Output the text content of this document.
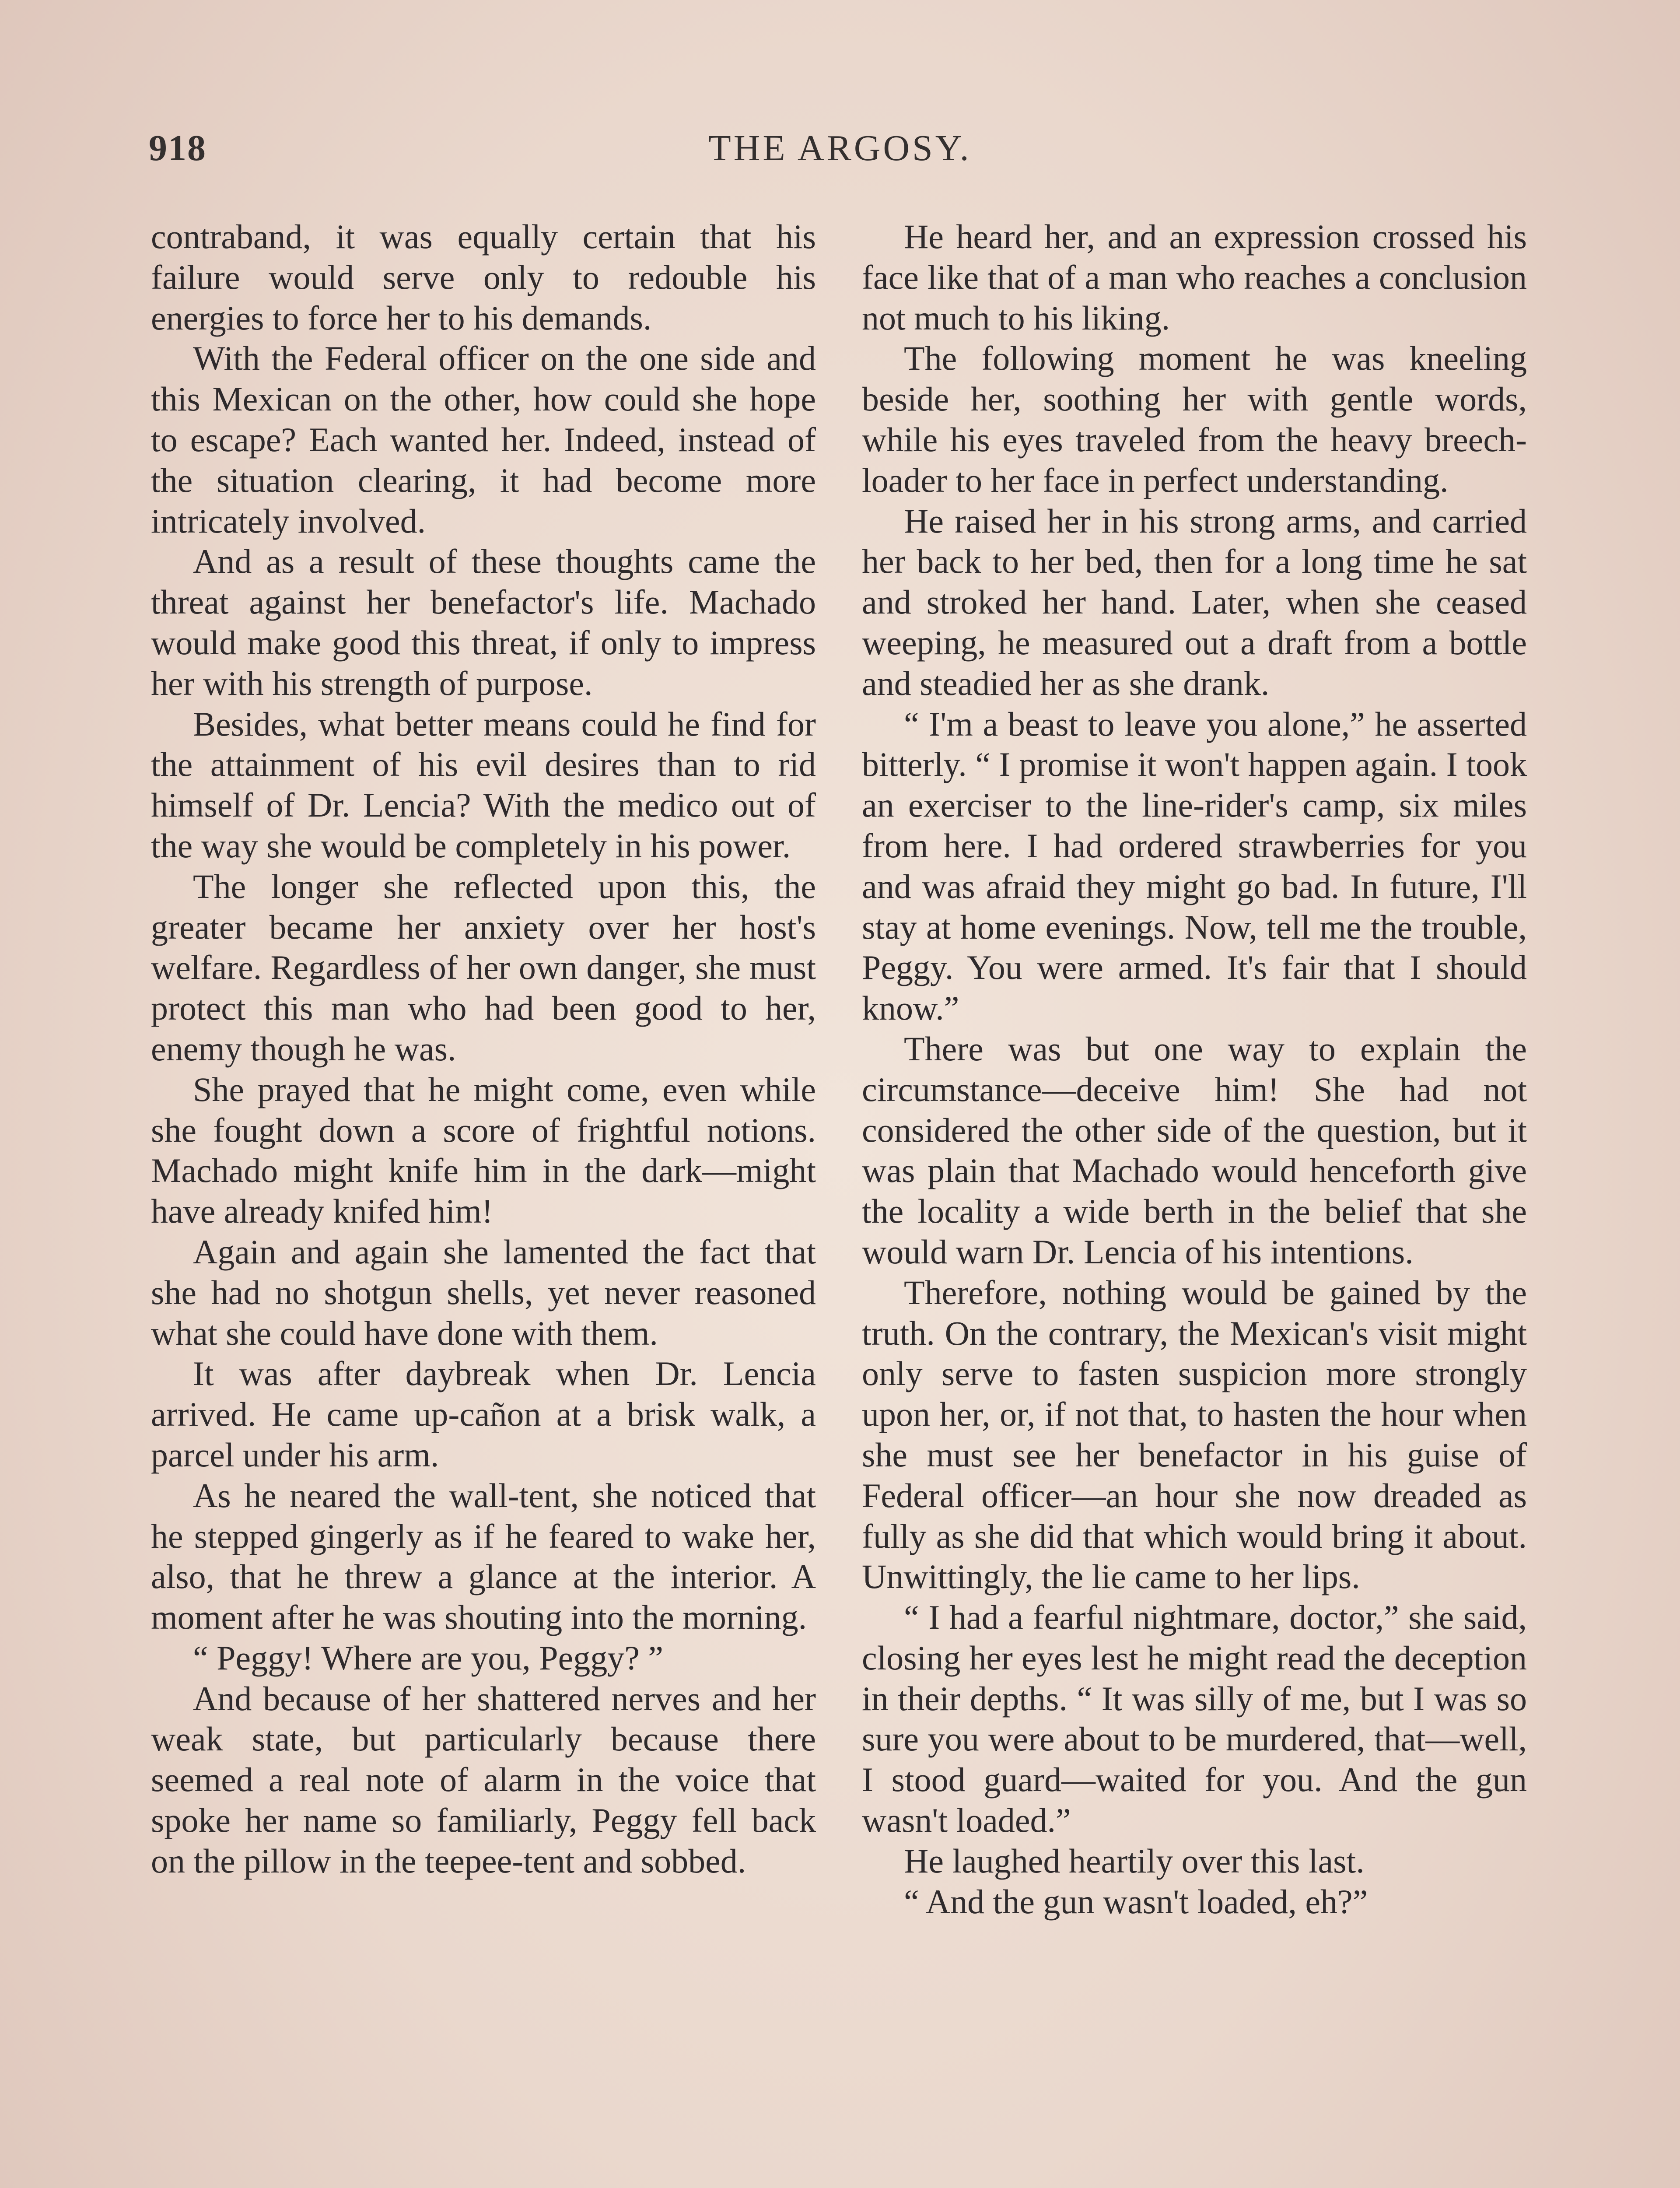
918	THE ARGOSY.

contraband, it was equally certain that his failure would serve only to redouble his energies to force her to his demands.

With the Federal officer on the one side and this Mexican on the other, how could she hope to escape? Each wanted her. Indeed, instead of the situation clearing, it had become more intricately involved.

And as a result of these thoughts came the threat against her benefactor's life. Machado would make good this threat, if only to impress her with his strength of purpose.

Besides, what better means could he find for the attainment of his evil desires than to rid himself of Dr. Lencia? With the medico out of the way she would be completely in his power.

The longer she reflected upon this, the greater became her anxiety over her host's welfare. Regardless of her own danger, she must protect this man who had been good to her, enemy though he was.

She prayed that he might come, even while she fought down a score of frightful notions. Machado might knife him in the dark—might have already knifed him!

Again and again she lamented the fact that she had no shotgun shells, yet never reasoned what she could have done with them.

It was after daybreak when Dr. Lencia arrived. He came up-cañon at a brisk walk, a parcel under his arm.

As he neared the wall-tent, she noticed that he stepped gingerly as if he feared to wake her, also, that he threw a glance at the interior. A moment after he was shouting into the morning.

“ Peggy! Where are you, Peggy? ”

And because of her shattered nerves and her weak state, but particularly because there seemed a real note of alarm in the voice that spoke her name so familiarly, Peggy fell back on the pillow in the teepee-tent and sobbed.

He heard her, and an expression crossed his face like that of a man who reaches a conclusion not much to his liking.

The following moment he was kneeling beside her, soothing her with gentle words, while his eyes traveled from the heavy breech-loader to her face in perfect understanding.

He raised her in his strong arms, and carried her back to her bed, then for a long time he sat and stroked her hand. Later, when she ceased weeping, he measured out a draft from a bottle and steadied her as she drank.

“ I'm a beast to leave you alone,” he asserted bitterly. “ I promise it won't happen again. I took an exerciser to the line-rider's camp, six miles from here. I had ordered strawberries for you and was afraid they might go bad. In future, I'll stay at home evenings. Now, tell me the trouble, Peggy. You were armed. It's fair that I should know.”

There was but one way to explain the circumstance—deceive him! She had not considered the other side of the question, but it was plain that Machado would henceforth give the locality a wide berth in the belief that she would warn Dr. Lencia of his intentions.

Therefore, nothing would be gained by the truth. On the contrary, the Mexican's visit might only serve to fasten suspicion more strongly upon her, or, if not that, to hasten the hour when she must see her benefactor in his guise of Federal officer—an hour she now dreaded as fully as she did that which would bring it about. Unwittingly, the lie came to her lips.

“ I had a fearful nightmare, doctor,” she said, closing her eyes lest he might read the deception in their depths. “ It was silly of me, but I was so sure you were about to be murdered, that—well, I stood guard—waited for you. And the gun wasn't loaded.”

He laughed heartily over this last.

“ And the gun wasn't loaded, eh?”
